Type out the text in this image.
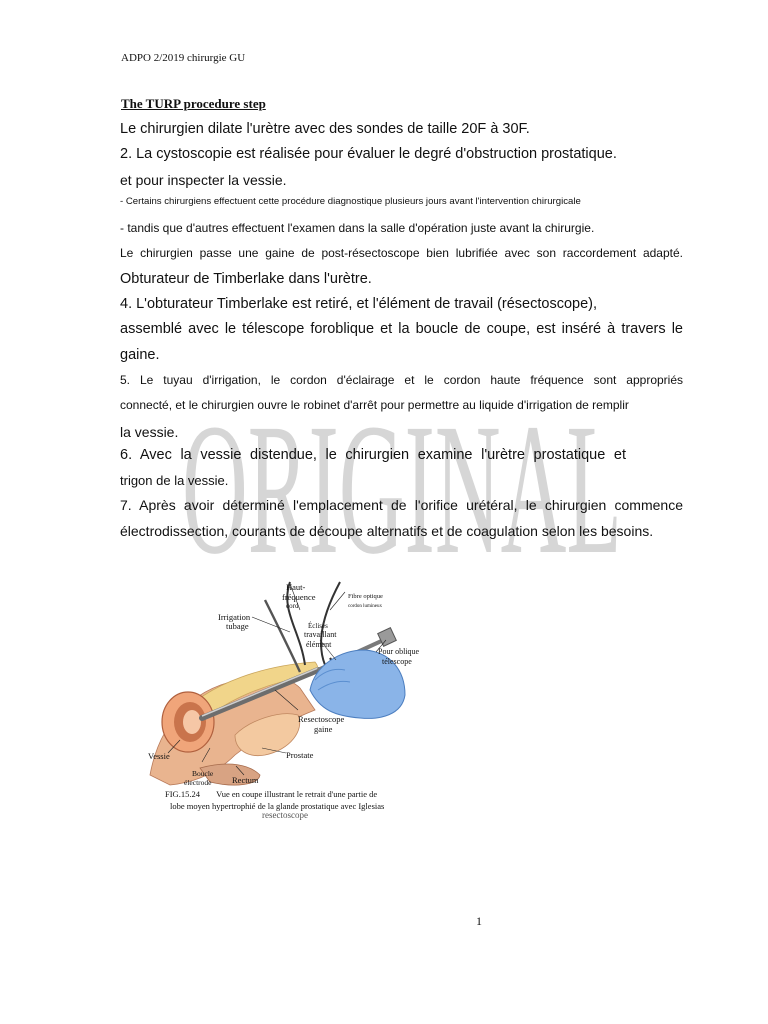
ADPO 2/2019 chirurgie GU
The TURP procedure step
ORIGINAL
Le chirurgien dilate l'urètre avec des sondes de taille 20F à 30F.
2. La cystoscopie est réalisée pour évaluer le degré d'obstruction prostatique.
et pour inspecter la vessie.
- Certains chirurgiens effectuent cette procédure diagnostique plusieurs jours avant l'intervention chirurgicale
- tandis que d'autres effectuent l'examen dans la salle d'opération juste avant la chirurgie.
Le chirurgien passe une gaine de post-résectoscope bien lubrifiée avec son raccordement adapté.
Obturateur de Timberlake dans l'urètre.
4. L'obturateur Timberlake est retiré, et l'élément de travail (résectoscope),
assemblé avec le télescope foroblique et la boucle de coupe, est inséré à travers le
gaine.
5. Le tuyau d'irrigation, le cordon d'éclairage et le cordon haute fréquence sont appropriés
connecté, et le chirurgien ouvre le robinet d'arrêt pour permettre au liquide d'irrigation de remplir
la vessie.
6. Avec la vessie distendue, le chirurgien examine l'urètre prostatique et
trigon de la vessie.
7. Après avoir déterminé l'emplacement de l'orifice urétéral, le chirurgien commence
électrodissection, courants de découpe alternatifs et de coagulation selon les besoins.
Haut-
fréquence
cord
Fibre optique
cordon lumineux
Irrigation
tubage	Éclises
travaillant
élément
Pour oblique
télescope
Resectoscope
gaine
Vessie	Prostate
Boucle
électrode Rectum
FIG.15.24 Vue en coupe illustrant le retrait d'une partie de
lobe moyen hypertrophié de la glande prostatique avec Iglesias
resectoscope
1
